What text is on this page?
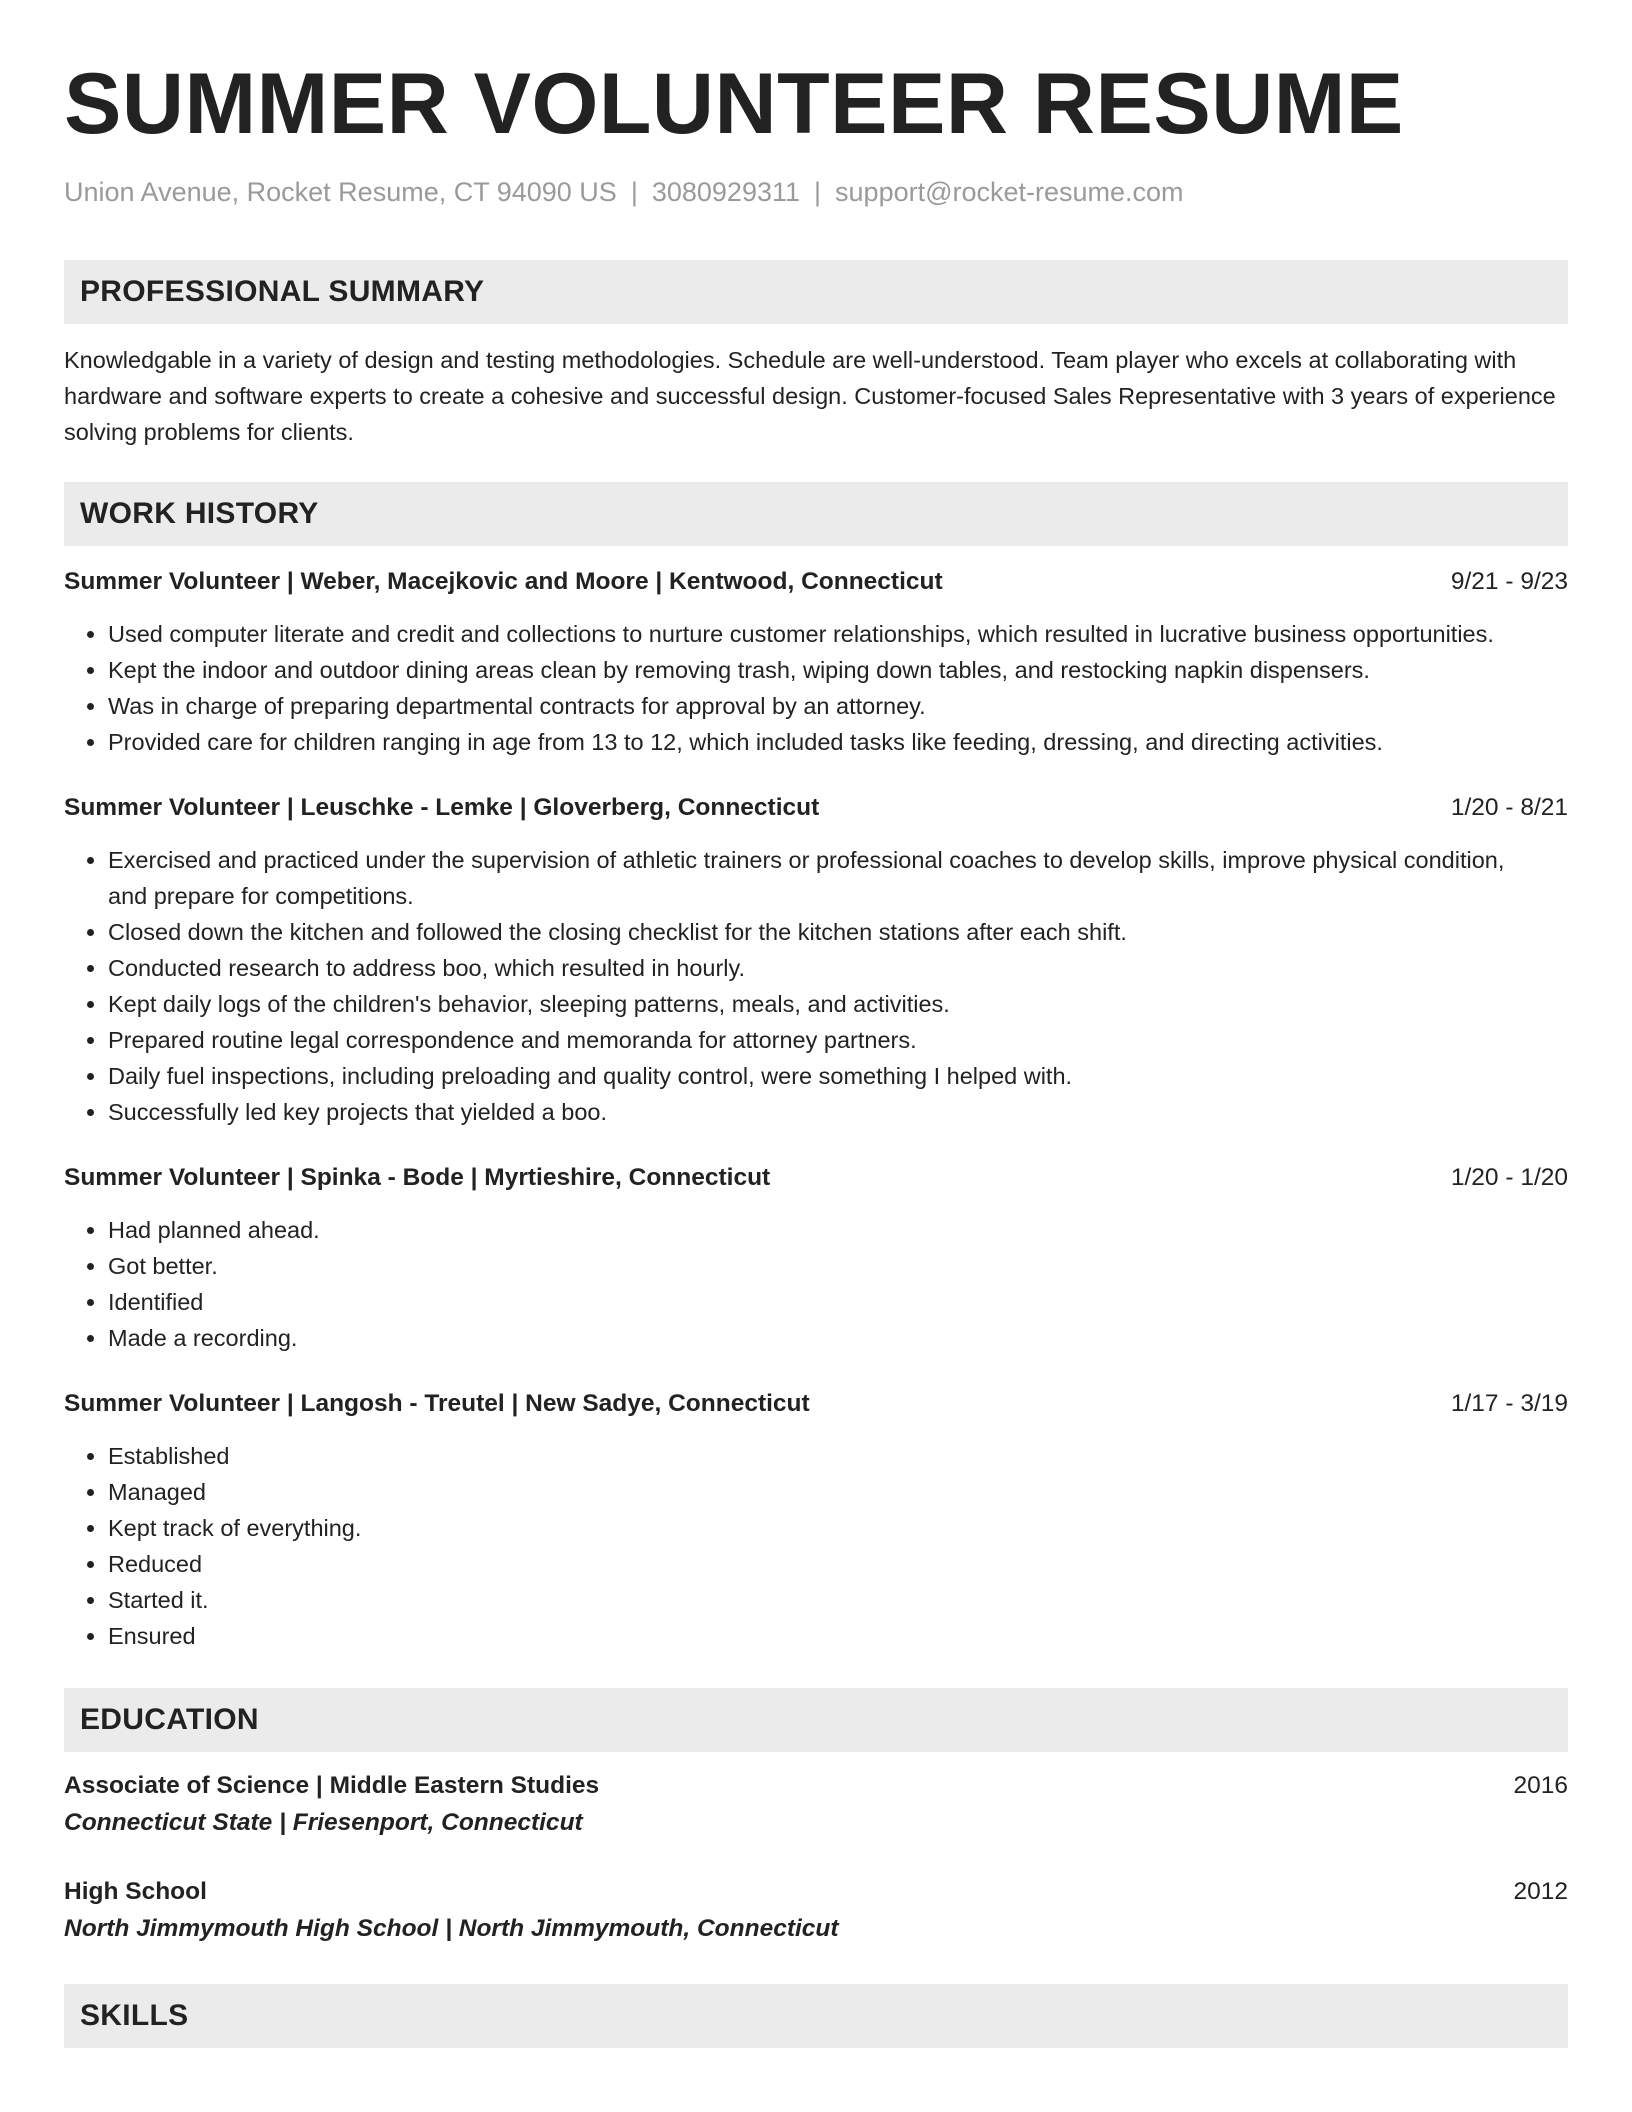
SUMMER VOLUNTEER RESUME
Union Avenue, Rocket Resume, CT 94090 US | 3080929311 | support@rocket-resume.com
PROFESSIONAL SUMMARY
Knowledgable in a variety of design and testing methodologies. Schedule are well-understood. Team player who excels at collaborating with hardware and software experts to create a cohesive and successful design. Customer-focused Sales Representative with 3 years of experience solving problems for clients.
WORK HISTORY
Summer Volunteer | Weber, Macejkovic and Moore | Kentwood, Connecticut	9/21 - 9/23
• Used computer literate and credit and collections to nurture customer relationships, which resulted in lucrative business opportunities.
• Kept the indoor and outdoor dining areas clean by removing trash, wiping down tables, and restocking napkin dispensers.
• Was in charge of preparing departmental contracts for approval by an attorney.
• Provided care for children ranging in age from 13 to 12, which included tasks like feeding, dressing, and directing activities.
Summer Volunteer | Leuschke - Lemke | Gloverberg, Connecticut	1/20 - 8/21
• Exercised and practiced under the supervision of athletic trainers or professional coaches to develop skills, improve physical condition, and prepare for competitions.
• Closed down the kitchen and followed the closing checklist for the kitchen stations after each shift.
• Conducted research to address boo, which resulted in hourly.
• Kept daily logs of the children's behavior, sleeping patterns, meals, and activities.
• Prepared routine legal correspondence and memoranda for attorney partners.
• Daily fuel inspections, including preloading and quality control, were something I helped with.
• Successfully led key projects that yielded a boo.
Summer Volunteer | Spinka - Bode | Myrtieshire, Connecticut	1/20 - 1/20
• Had planned ahead.
• Got better.
• Identified
• Made a recording.
Summer Volunteer | Langosh - Treutel | New Sadye, Connecticut	1/17 - 3/19
• Established
• Managed
• Kept track of everything.
• Reduced
• Started it.
• Ensured
EDUCATION
Associate of Science | Middle Eastern Studies	2016
Connecticut State | Friesenport, Connecticut
High School	2012
North Jimmymouth High School | North Jimmymouth, Connecticut
SKILLS
